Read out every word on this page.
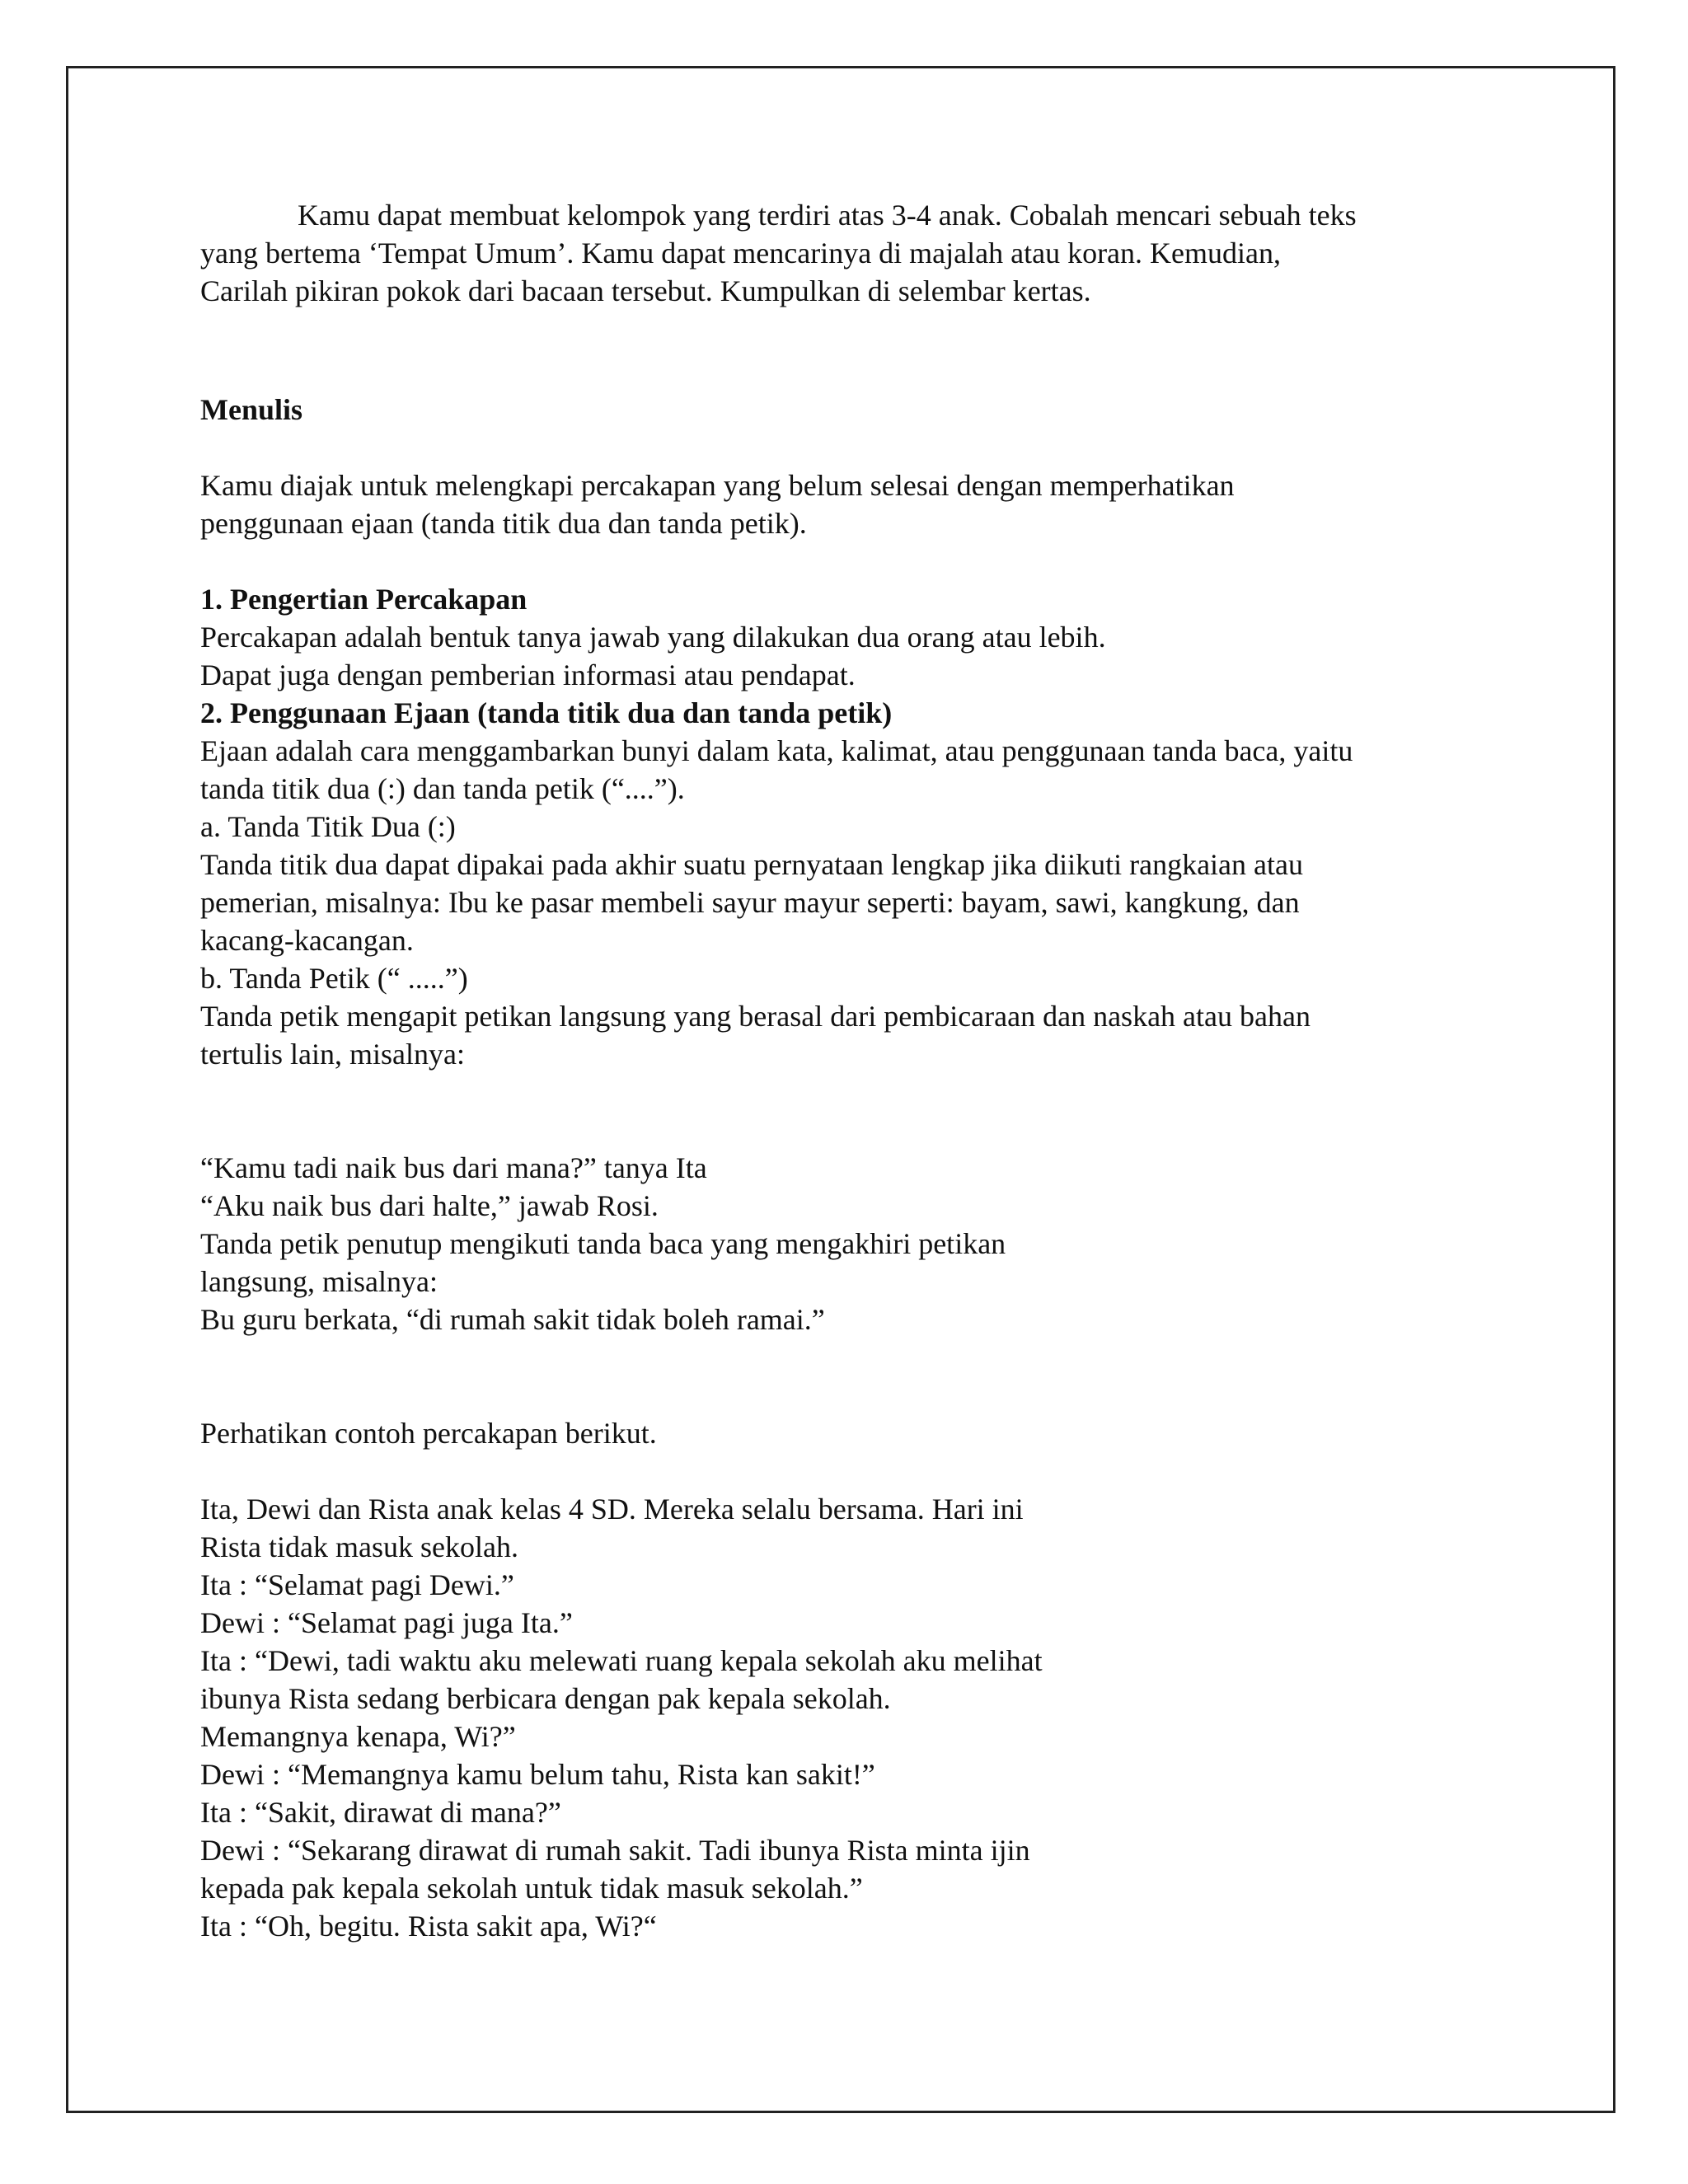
Kamu dapat membuat kelompok yang terdiri atas 3-4 anak. Cobalah mencari sebuah teks
yang bertema ‘Tempat Umum’. Kamu dapat mencarinya di majalah atau koran. Kemudian,
Carilah pikiran pokok dari bacaan tersebut. Kumpulkan di selembar kertas.
Menulis
Kamu diajak untuk melengkapi percakapan yang belum selesai dengan memperhatikan
penggunaan ejaan (tanda titik dua dan tanda petik).
1. Pengertian Percakapan
Percakapan adalah bentuk tanya jawab yang dilakukan dua orang atau lebih.
Dapat juga dengan pemberian informasi atau pendapat.
2. Penggunaan Ejaan (tanda titik dua dan tanda petik)
Ejaan adalah cara menggambarkan bunyi dalam kata, kalimat, atau penggunaan tanda baca, yaitu
tanda titik dua (:) dan tanda petik (“....”).
a. Tanda Titik Dua (:)
Tanda titik dua dapat dipakai pada akhir suatu pernyataan lengkap jika diikuti rangkaian atau
pemerian, misalnya: Ibu ke pasar membeli sayur mayur seperti: bayam, sawi, kangkung, dan
kacang-kacangan.
b. Tanda Petik (“ .....”)
Tanda petik mengapit petikan langsung yang berasal dari pembicaraan dan naskah atau bahan
tertulis lain, misalnya:
“Kamu tadi naik bus dari mana?” tanya Ita
“Aku naik bus dari halte,” jawab Rosi.
Tanda petik penutup mengikuti tanda baca yang mengakhiri petikan
langsung, misalnya:
Bu guru berkata, “di rumah sakit tidak boleh ramai.”
Perhatikan contoh percakapan berikut.
Ita, Dewi dan Rista anak kelas 4 SD. Mereka selalu bersama. Hari ini
Rista tidak masuk sekolah.
Ita : “Selamat pagi Dewi.”
Dewi : “Selamat pagi juga Ita.”
Ita : “Dewi, tadi waktu aku melewati ruang kepala sekolah aku melihat
ibunya Rista sedang berbicara dengan pak kepala sekolah.
Memangnya kenapa, Wi?”
Dewi : “Memangnya kamu belum tahu, Rista kan sakit!”
Ita : “Sakit, dirawat di mana?”
Dewi : “Sekarang dirawat di rumah sakit. Tadi ibunya Rista minta ijin
kepada pak kepala sekolah untuk tidak masuk sekolah.”
Ita : “Oh, begitu. Rista sakit apa, Wi?“
